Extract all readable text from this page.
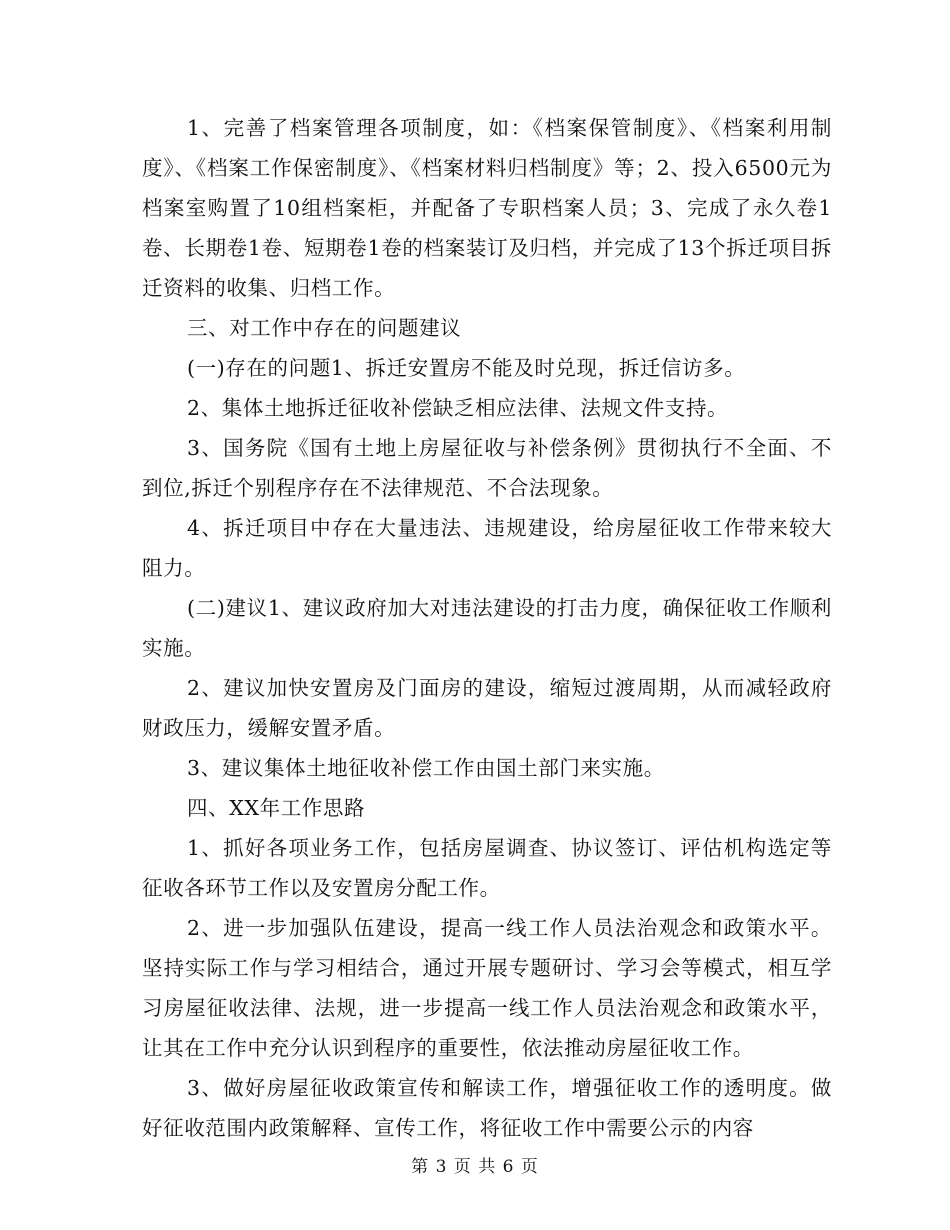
1、完善了档案管理各项制度，如：《档案保管制度》、《档案利用制度》、《档案工作保密制度》、《档案材料归档制度》等；2、投入6500元为档案室购置了10组档案柜，并配备了专职档案人员；3、完成了永久卷1卷、长期卷1卷、短期卷1卷的档案装订及归档，并完成了13个拆迁项目拆迁资料的收集、归档工作。

三、对工作中存在的问题建议

(一)存在的问题1、拆迁安置房不能及时兑现，拆迁信访多。

2、集体土地拆迁征收补偿缺乏相应法律、法规文件支持。

3、国务院《国有土地上房屋征收与补偿条例》贯彻执行不全面、不到位,拆迁个别程序存在不法律规范、不合法现象。

4、拆迁项目中存在大量违法、违规建设，给房屋征收工作带来较大阻力。

(二)建议1、建议政府加大对违法建设的打击力度，确保征收工作顺利实施。

2、建议加快安置房及门面房的建设，缩短过渡周期，从而减轻政府财政压力，缓解安置矛盾。

3、建议集体土地征收补偿工作由国土部门来实施。

四、XX年工作思路

1、抓好各项业务工作，包括房屋调查、协议签订、评估机构选定等征收各环节工作以及安置房分配工作。

2、进一步加强队伍建设，提高一线工作人员法治观念和政策水平。坚持实际工作与学习相结合，通过开展专题研讨、学习会等模式，相互学习房屋征收法律、法规，进一步提高一线工作人员法治观念和政策水平，让其在工作中充分认识到程序的重要性，依法推动房屋征收工作。

3、做好房屋征收政策宣传和解读工作，增强征收工作的透明度。做好征收范围内政策解释、宣传工作，将征收工作中需要公示的内容

第 3 页 共 6 页
